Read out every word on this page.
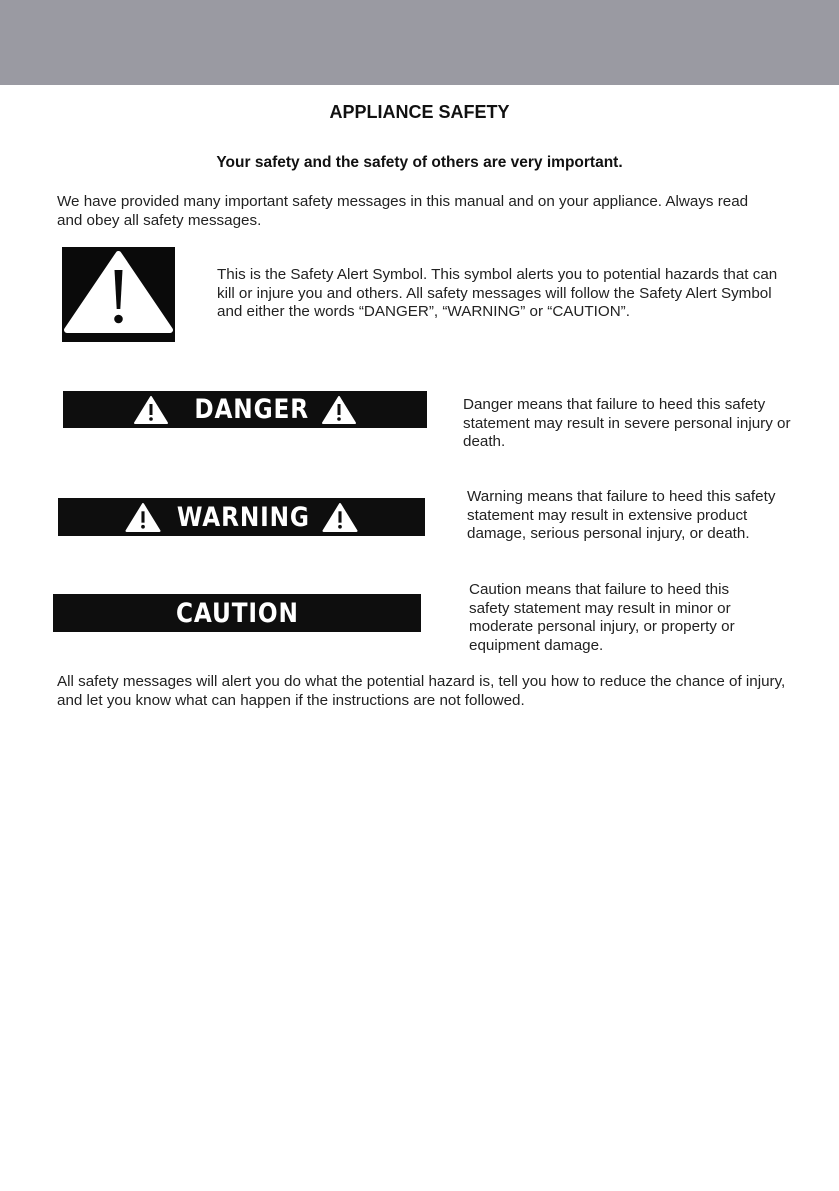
APPLIANCE SAFETY
Your safety and the safety of others are very important.

We have provided many important safety messages in this manual and on your appliance. Always read and obey all safety messages.

This is the Safety Alert Symbol. This symbol alerts you to potential hazards that can kill or injure you and others. All safety messages will follow the Safety Alert Symbol and either the words “DANGER”, “WARNING” or “CAUTION”.

DANGER	Danger means that failure to heed this safety statement may result in severe personal injury or death.

WARNING

Warning means that failure to heed this safety statement may result in extensive product damage, serious personal injury, or death.

CAUTION

Caution means that failure to heed this safety statement may result in minor or moderate personal injury, or property or equipment damage.

All safety messages will alert you do what the potential hazard is, tell you how to reduce the chance of injury, and let you know what can happen if the instructions are not followed.
